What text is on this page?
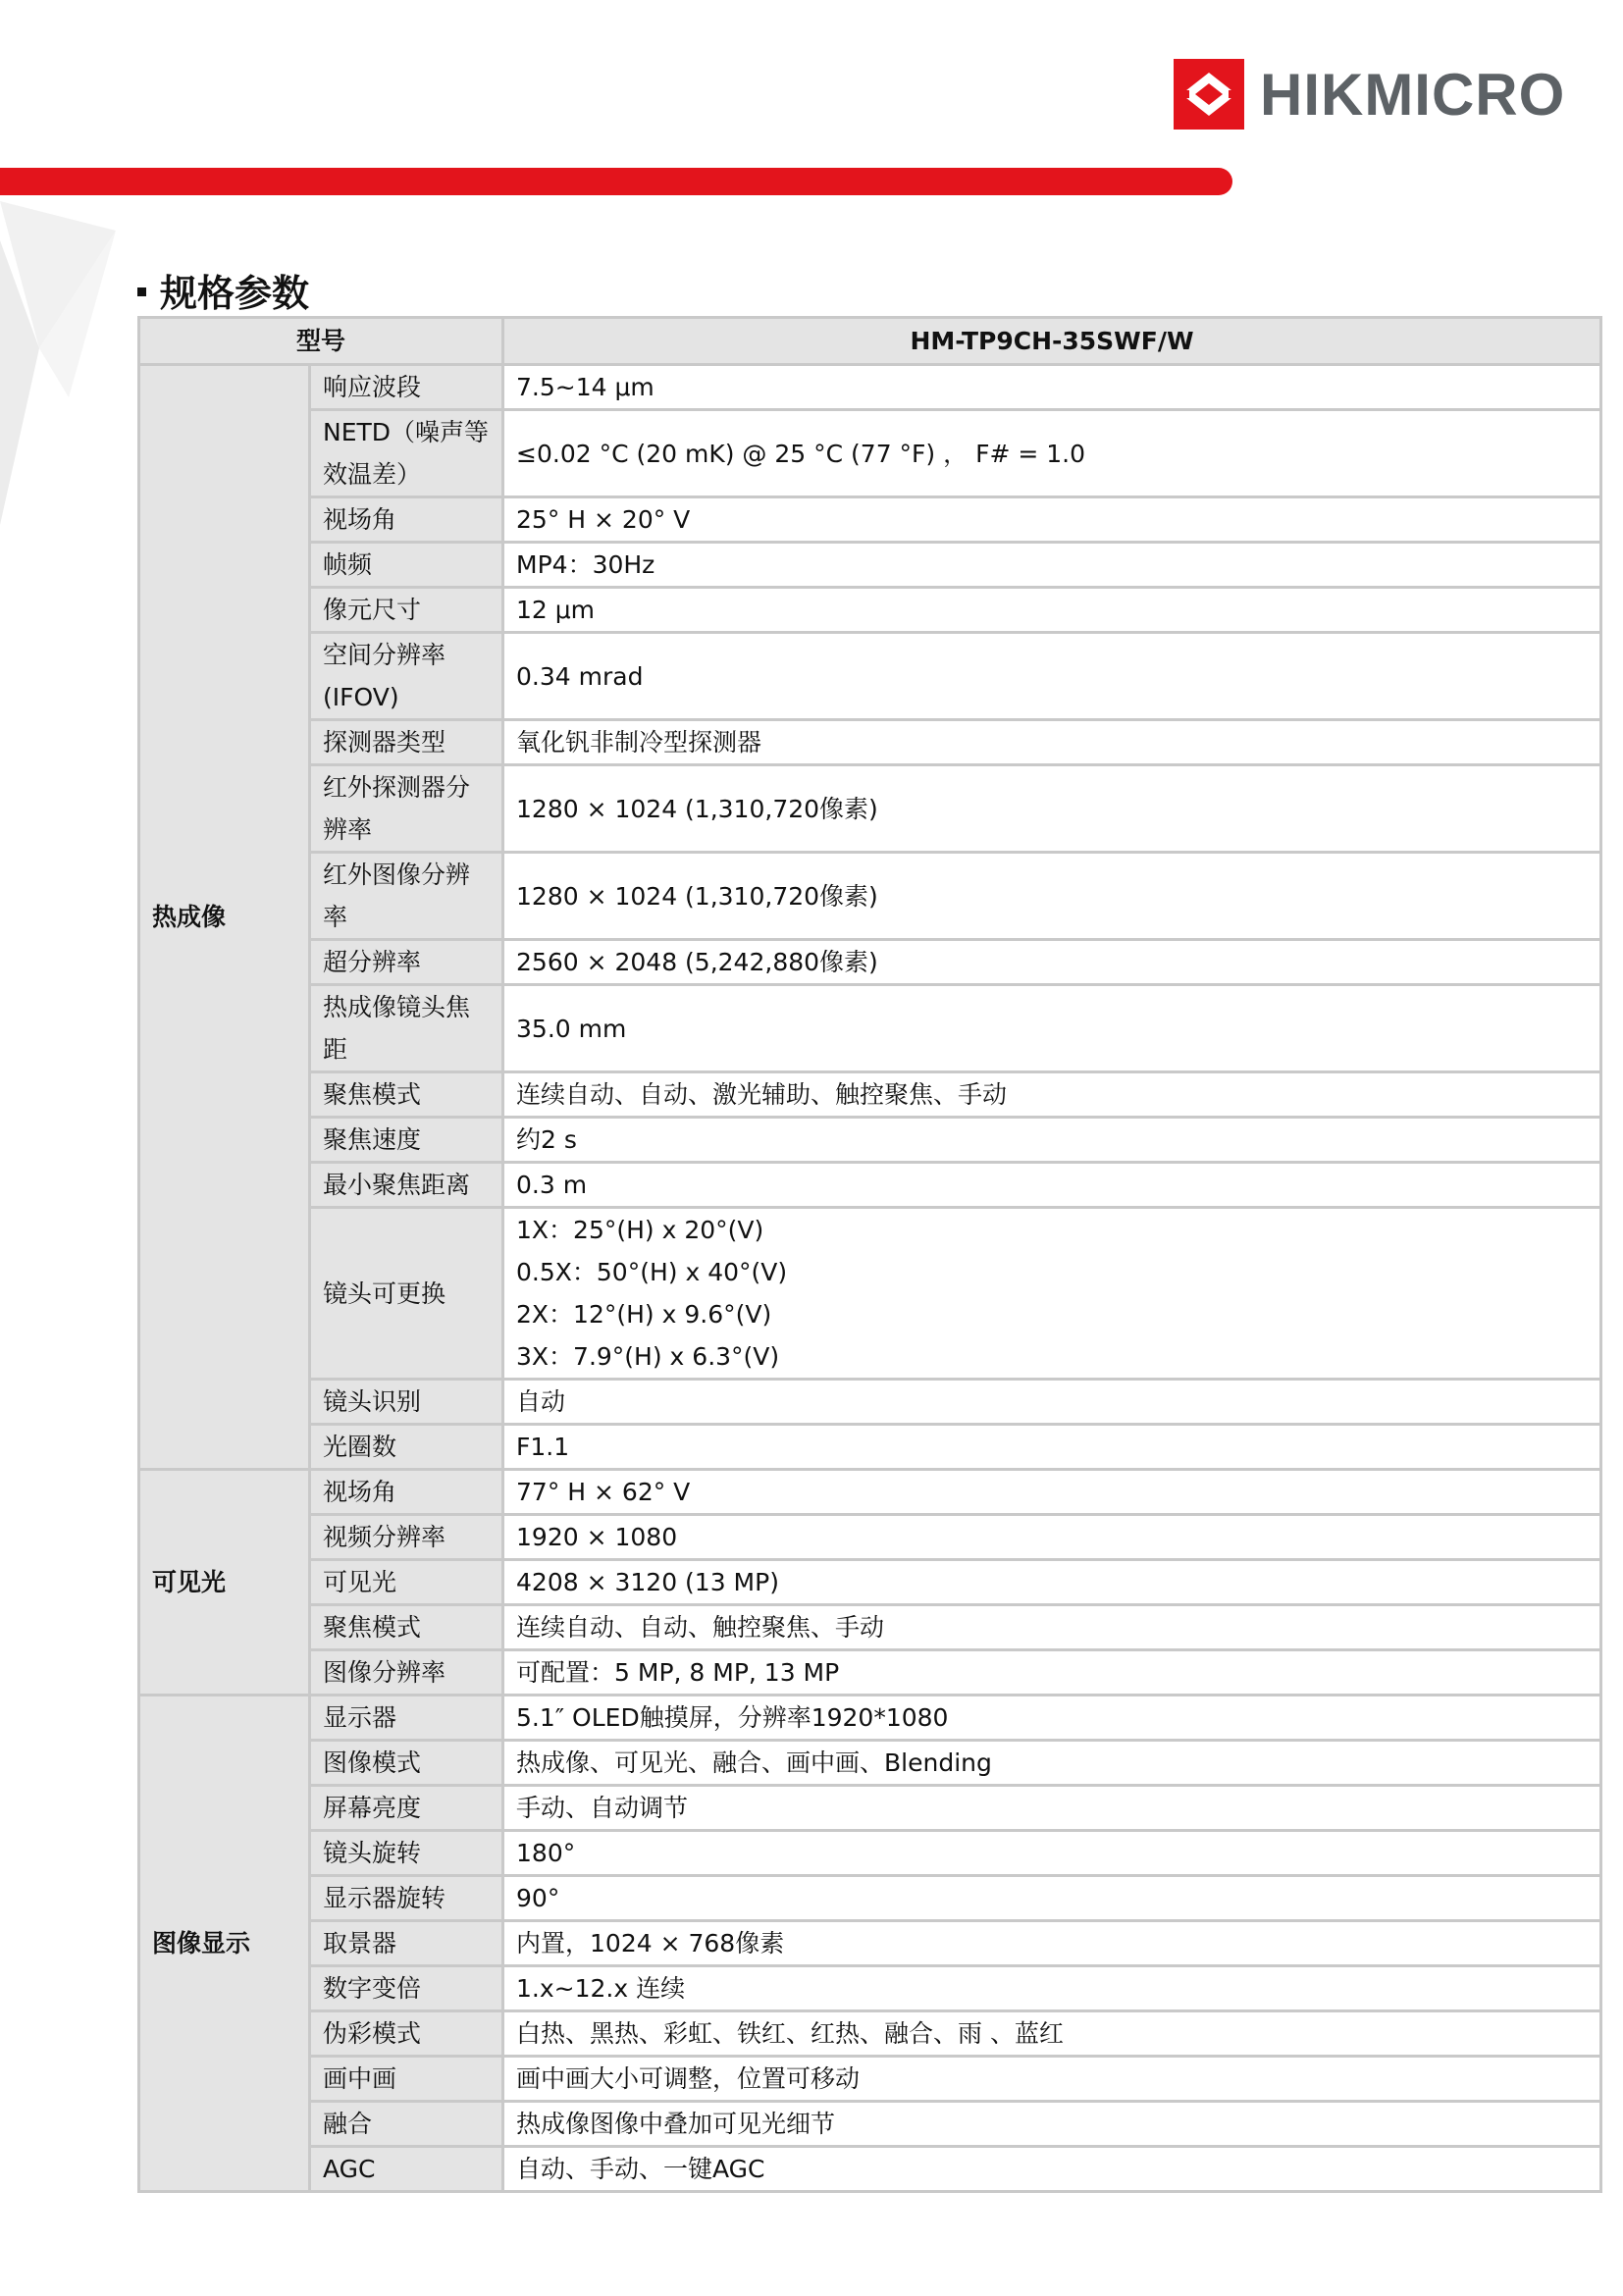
HIKMICRO
规格参数
型号		HM-TP9CH-35SWF/W
热成像	响应波段	7.5~14 μm

	NETD（噪声等效温差）	≤0.02 °C (20 mK) @ 25 °C (77 °F) ， F# = 1.0

	视场角	25° H × 20° V

	帧频	MP4：30Hz

	像元尺寸	12 μm

	空间分辨率 (IFOV)	0.34 mrad

	探测器类型	氧化钒非制冷型探测器

	红外探测器分辨率	1280 × 1024 (1,310,720像素)

	红外图像分辨率	1280 × 1024 (1,310,720像素)

	超分辨率	2560 × 2048 (5,242,880像素)

	热成像镜头焦距	35.0 mm

	聚焦模式	连续自动、自动、激光辅助、触控聚焦、手动

	聚焦速度	约2 s

	最小聚焦距离	0.3 m

	镜头可更换	1X：25°(H) x 20°(V)
0.5X：50°(H) x 40°(V)
2X：12°(H) x 9.6°(V)
3X：7.9°(H) x 6.3°(V)

	镜头识别	自动

	光圈数	F1.1

可见光	视场角	77° H × 62° V

	视频分辨率	1920 × 1080

	可见光	4208 × 3120 (13 MP)

	聚焦模式	连续自动、自动、触控聚焦、手动

	图像分辨率	可配置：5 MP, 8 MP, 13 MP

图像显示	显示器	5.1″ OLED触摸屏，分辨率1920*1080

	图像模式	热成像、可见光、融合、画中画、Blending

	屏幕亮度	手动、自动调节

	镜头旋转	180°

	显示器旋转	90°

	取景器	内置，1024 × 768像素

	数字变倍	1.x~12.x 连续

	伪彩模式	白热、黑热、彩虹、铁红、红热、融合、雨 、蓝红

	画中画	画中画大小可调整，位置可移动

	融合	热成像图像中叠加可见光细节

	AGC	自动、手动、一键AGC
